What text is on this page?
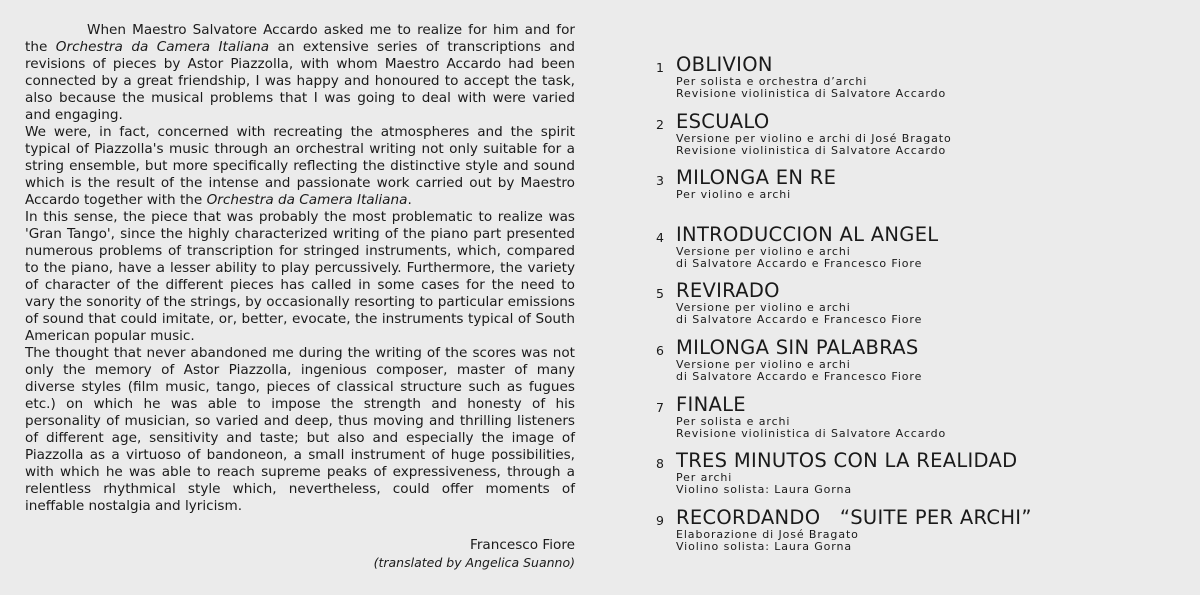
When Maestro Salvatore Accardo asked me to realize for him and for the Orchestra da Camera Italiana an extensive series of transcriptions and revisions of pieces by Astor Piazzolla, with whom Maestro Accardo had been connected by a great friendship, I was happy and honoured to accept the task, also because the musical problems that I was going to deal with were varied and engaging.

We were, in fact, concerned with recreating the atmospheres and the spirit typical of Piazzolla's music through an orchestral writing not only suitable for a string ensemble, but more specifically reflecting the distinctive style and sound which is the result of the intense and passionate work carried out by Maestro Accardo together with the Orchestra da Camera Italiana.

In this sense, the piece that was probably the most problematic to realize was 'Gran Tango', since the highly characterized writing of the piano part presented numerous problems of transcription for stringed instruments, which, compared to the piano, have a lesser ability to play percussively. Furthermore, the variety of character of the different pieces has called in some cases for the need to vary the sonority of the strings, by occasionally resorting to particular emissions of sound that could imitate, or, better, evocate, the instruments typical of South American popular music.

The thought that never abandoned me during the writing of the scores was not only the memory of Astor Piazzolla, ingenious composer, master of many diverse styles (film music, tango, pieces of classical structure such as fugues etc.) on which he was able to impose the strength and honesty of his personality of musician, so varied and deep, thus moving and thrilling listeners of different age, sensitivity and taste; but also and especially the image of Piazzolla as a virtuoso of bandoneon, a small instrument of huge possibilities, with which he was able to reach supreme peaks of expressiveness, through a relentless rhythmical style which, nevertheless, could offer moments of ineffable nostalgia and lyricism.

Francesco Fiore
(translated by Angelica Suanno)
1 OBLIVION
Per solista e orchestra d’archi
Revisione violinistica di Salvatore Accardo
2 ESCUALO
Versione per violino e archi di José Bragato
Revisione violinistica di Salvatore Accardo
3 MILONGA EN RE
Per violino e archi
4 INTRODUCCION AL ANGEL
Versione per violino e archi
di Salvatore Accardo e Francesco Fiore
5 REVIRADO
Versione per violino e archi
di Salvatore Accardo e Francesco Fiore
6 MILONGA SIN PALABRAS
Versione per violino e archi
di Salvatore Accardo e Francesco Fiore
7 FINALE
Per solista e archi
Revisione violinistica di Salvatore Accardo
8 TRES MINUTOS CON LA REALIDAD
Per archi
Violino solista: Laura Gorna
9 RECORDANDO   “SUITE PER ARCHI”
Elaborazione di José Bragato
Violino solista: Laura Gorna
